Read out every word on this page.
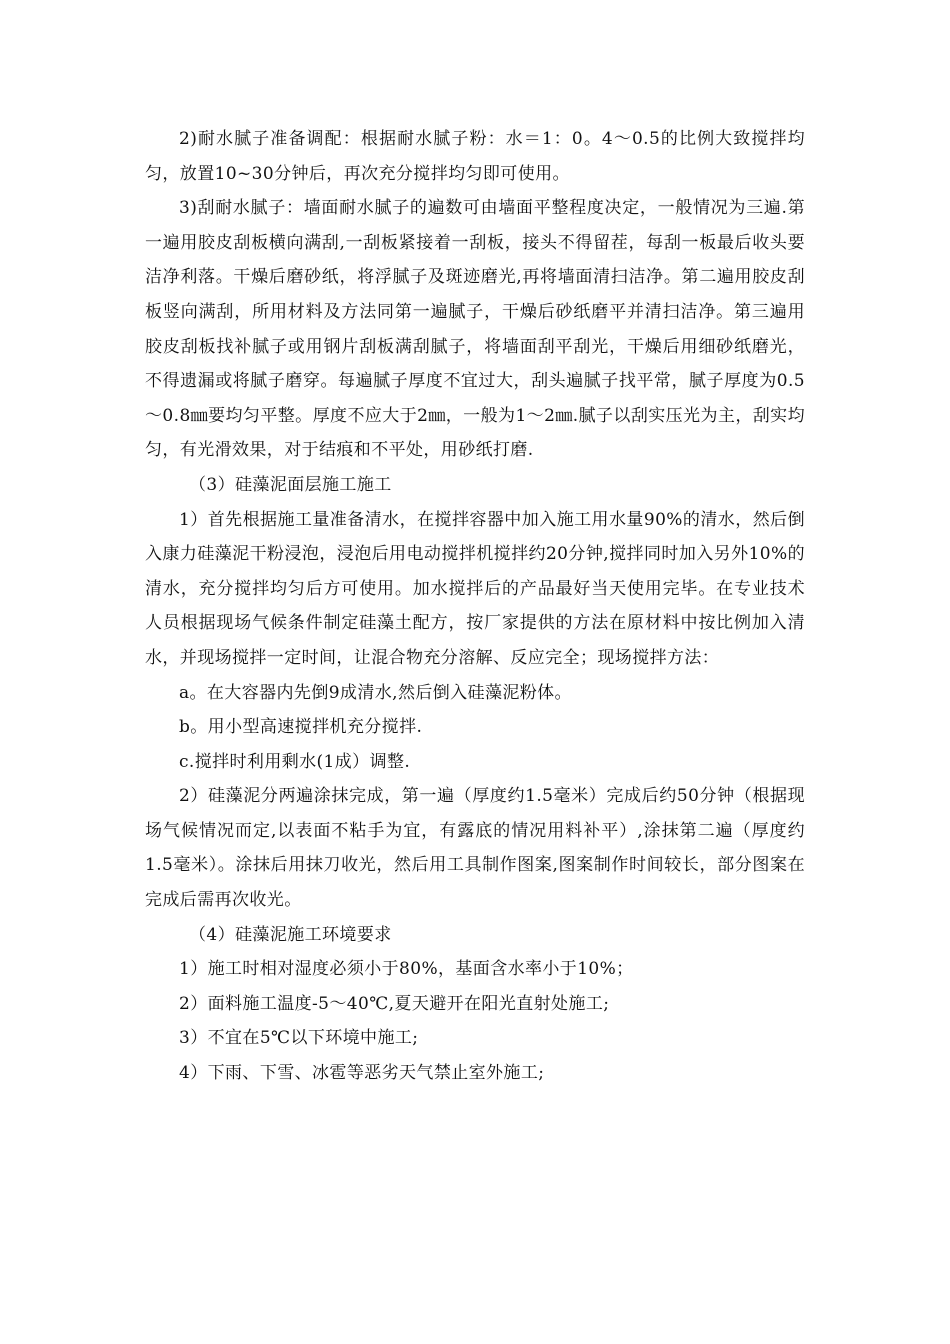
2)耐水腻子准备调配：根据耐水腻子粉：水＝1：0。4～0.5的比例大致搅拌均匀，放置10~30分钟后，再次充分搅拌均匀即可使用。

3)刮耐水腻子：墙面耐水腻子的遍数可由墙面平整程度决定，一般情况为三遍.第一遍用胶皮刮板横向满刮,一刮板紧接着一刮板，接头不得留茬，每刮一板最后收头要洁净利落。干燥后磨砂纸，将浮腻子及斑迹磨光,再将墙面清扫洁净。第二遍用胶皮刮板竖向满刮，所用材料及方法同第一遍腻子，干燥后砂纸磨平并清扫洁净。第三遍用胶皮刮板找补腻子或用钢片刮板满刮腻子，将墙面刮平刮光，干燥后用细砂纸磨光，不得遗漏或将腻子磨穿。每遍腻子厚度不宜过大，刮头遍腻子找平常，腻子厚度为0.5～0.8㎜要均匀平整。厚度不应大于2㎜，一般为1～2㎜.腻子以刮实压光为主，刮实均匀，有光滑效果，对于结痕和不平处，用砂纸打磨.

（3）硅藻泥面层施工施工

1）首先根据施工量准备清水，在搅拌容器中加入施工用水量90%的清水，然后倒入康力硅藻泥干粉浸泡，浸泡后用电动搅拌机搅拌约20分钟,搅拌同时加入另外10%的清水，充分搅拌均匀后方可使用。加水搅拌后的产品最好当天使用完毕。在专业技术人员根据现场气候条件制定硅藻土配方，按厂家提供的方法在原材料中按比例加入清水，并现场搅拌一定时间，让混合物充分溶解、反应完全；现场搅拌方法：

a。在大容器内先倒9成清水,然后倒入硅藻泥粉体。

b。用小型高速搅拌机充分搅拌.

c.搅拌时利用剩水(1成）调整.

2）硅藻泥分两遍涂抹完成，第一遍（厚度约1.5毫米）完成后约50分钟（根据现场气候情况而定,以表面不粘手为宜，有露底的情况用料补平）,涂抹第二遍（厚度约1.5毫米）。涂抹后用抹刀收光，然后用工具制作图案,图案制作时间较长，部分图案在完成后需再次收光。

（4）硅藻泥施工环境要求

1）施工时相对湿度必须小于80%，基面含水率小于10%；

2）面料施工温度-5～40℃,夏天避开在阳光直射处施工;

3）不宜在5℃以下环境中施工;

4）下雨、下雪、冰雹等恶劣天气禁止室外施工;
